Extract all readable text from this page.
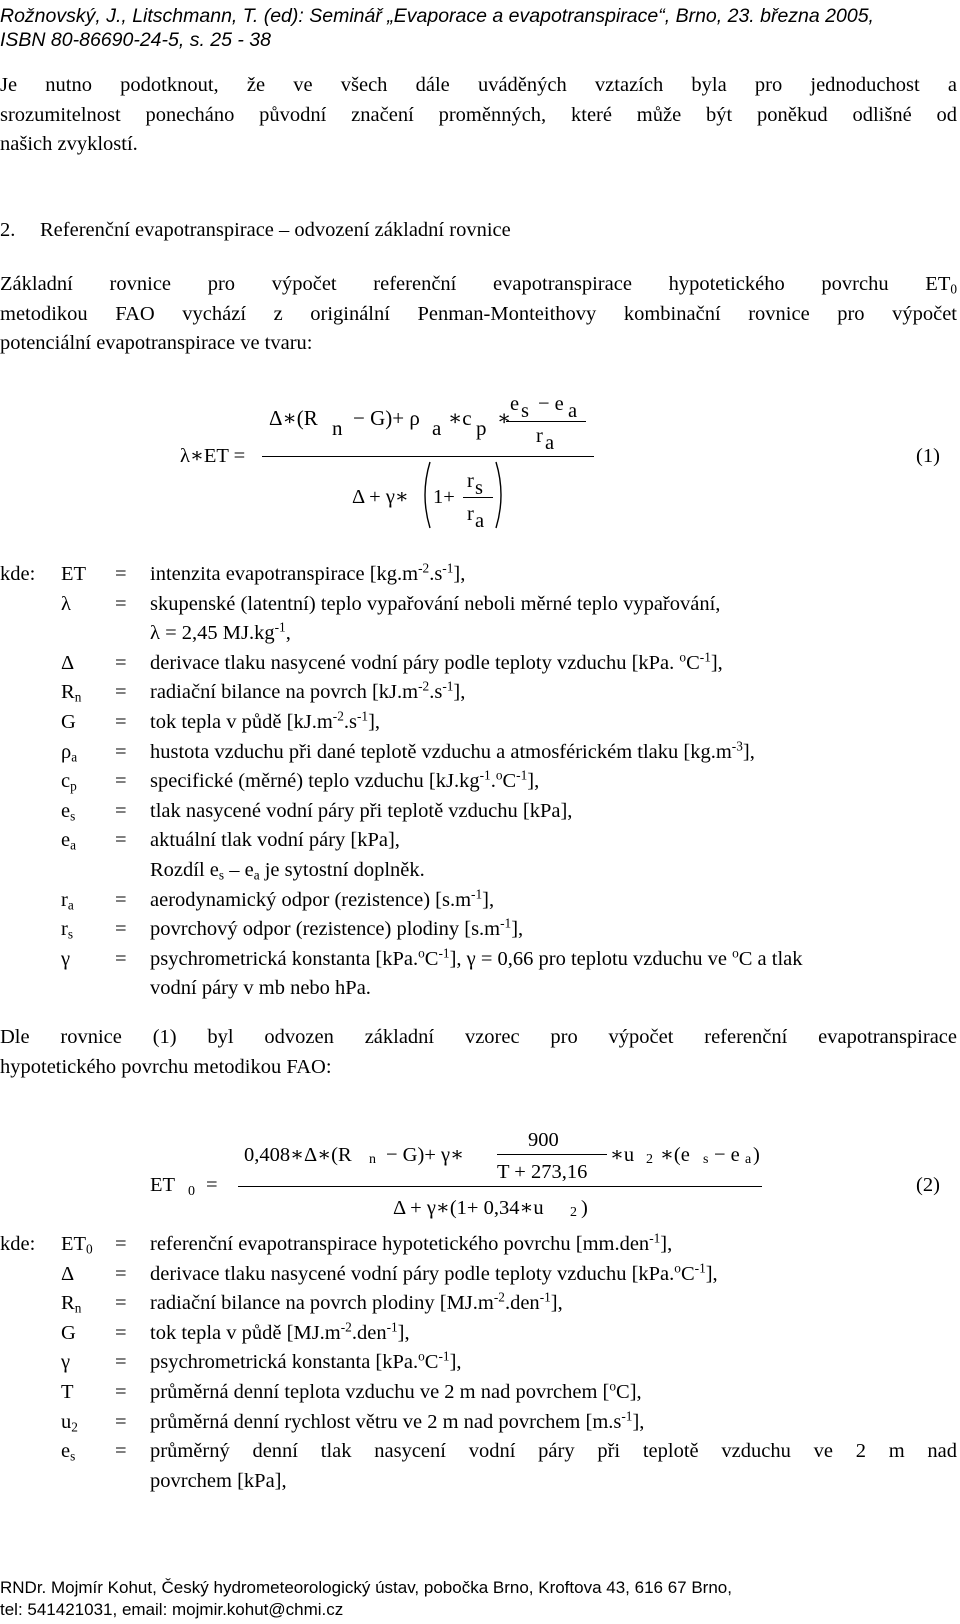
Rožnovský, J., Litschmann, T. (ed): Seminář „Evaporace a evapotranspirace“, Brno, 23. března 2005,
ISBN 80-86690-24-5, s. 25 - 38

Je nutno podotknout, že ve všech dále uváděných vztazích byla pro jednoduchost a

srozumitelnost ponecháno původní značení proměnných, které může být poněkud odlišné od

našich zvyklostí.

2. Referenční evapotranspirace – odvození základní rovnice

Základní rovnice pro výpočet referenční evapotranspirace hypotetického povrchu $ET_0$

metodikou FAO vychází z originální Penman-Monteithovy kombinační rovnice pro výpočet

potenciální evapotranspirace ve tvaru:

λ∗ET =
Δ∗(R n − G)+ ρ a ∗c p ∗
e s − e a
r a
Δ + γ∗ 1+
r s
r a
(1)
kde: ET = intenzita evapotranspirace $[kg.m^{-2}.s^{-1}]$,
λ = skupenské (latentní) teplo vypařování neboli měrné teplo vypařování,
λ = 2,45 $MJ.kg^{-1}$,
Δ = derivace tlaku nasycené vodní páry podle teploty vzduchu [kPa. $^oC^{-1}$],
$R_n$ = radiační bilance na povrch $[kJ.m^{-2}.s^{-1}]$,
G = tok tepla v půdě $[kJ.m^{-2}.s^{-1}]$,
$\rho_a$ = hustota vzduchu při dané teplotě vzduchu a atmosférickém tlaku $[kg.m^{-3}]$,
$c_p$ = specifické (měrné) teplo vzduchu $[kJ.kg^{-1}.^oC^{-1}]$,
$e_s$ = tlak nasycené vodní páry při teplotě vzduchu [kPa],
$e_a$ = aktuální tlak vodní páry [kPa],
Rozdíl $e_s - e_a$ je sytostní doplněk.
$r_a$ = aerodynamický odpor (rezistence) $[s.m^{-1}]$,
$r_s$ = povrchový odpor (rezistence) plodiny $[s.m^{-1}]$,
γ = psychrometrická konstanta $[kPa.^oC^{-1}]$, γ = 0,66 pro teplotu vzduchu ve $^o$C a tlak
vodní páry v mb nebo hPa.

Dle rovnice (1) byl odvozen základní vzorec pro výpočet referenční evapotranspirace

hypotetického povrchu metodikou FAO:

ET 0 =
0,408∗Δ∗(R n − G)+ γ∗
900
T + 273,16
∗u 2 ∗(e s − e a )
Δ + γ∗(1+ 0,34∗u 2 )
(2)
kde: $ET_0$ = referenční evapotranspirace hypotetického povrchu [mm.den$^{-1}$],
Δ = derivace tlaku nasycené vodní páry podle teploty vzduchu $[kPa.^oC^{-1}]$,
$R_n$ = radiační bilance na povrch plodiny $[MJ.m^{-2}.den^{-1}]$,
G = tok tepla v půdě $[MJ.m^{-2}.den^{-1}]$,
γ = psychrometrická konstanta $[kPa.^oC^{-1}]$,
T = průměrná denní teplota vzduchu ve 2 m nad povrchem [$^o$C],
$u_2$ = průměrná denní rychlost větru ve 2 m nad povrchem $[m.s^{-1}]$,
$e_s$ = průměrný denní tlak nasycení vodní páry při teplotě vzduchu ve 2 m nad
povrchem [kPa],
RNDr. Mojmír Kohut, Český hydrometeorologický ústav, pobočka Brno, Kroftova 43, 616 67 Brno,
tel: 541421031, email: mojmir.kohut@chmi.cz
